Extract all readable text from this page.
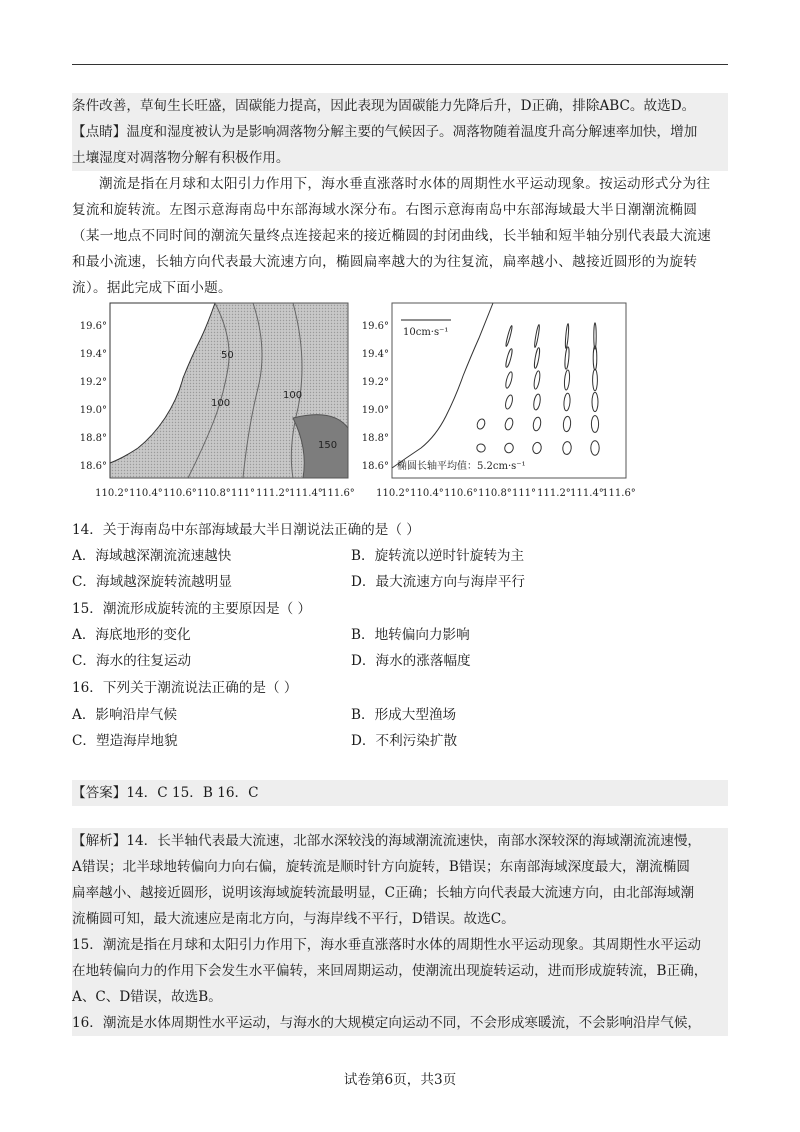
条件改善，草甸生长旺盛，固碳能力提高，因此表现为固碳能力先降后升，D正确，排除ABC。故选D。
【点睛】温度和湿度被认为是影响凋落物分解主要的气候因子。凋落物随着温度升高分解速率加快，增加
土壤湿度对凋落物分解有积极作用。
潮流是指在月球和太阳引力作用下，海水垂直涨落时水体的周期性水平运动现象。按运动形式分为往
复流和旋转流。左图示意海南岛中东部海域水深分布。右图示意海南岛中东部海域最大半日潮潮流椭圆
（某一地点不同时间的潮流矢量终点连接起来的接近椭圆的封闭曲线，长半轴和短半轴分别代表最大流速
和最小流速，长轴方向代表最大流速方向，椭圆扁率越大的为往复流，扁率越小、越接近圆形的为旋转
流）。据此完成下面小题。
50
100
100
150
19.6°
19.4°
19.2°
19.0°
18.8°
18.6°
110.2° 110.4° 110.6° 110.8° 111° 111.2° 111.4°
111.6°
10cm·s⁻¹
椭圆长轴平均值：5.2cm·s⁻¹
19.6°
19.4°
19.2°
19.0°
18.8°
18.6°
110.2° 110.4° 110.6° 110.8° 111° 111.2° 111.4°
111.6°
14．关于海南岛中东部海域最大半日潮说法正确的是（ ）
A．海域越深潮流流速越快	B．旋转流以逆时针旋转为主
C．海域越深旋转流越明显	D．最大流速方向与海岸平行
15．潮流形成旋转流的主要原因是（ ）
A．海底地形的变化	B．地转偏向力影响
C．海水的往复运动	D．海水的涨落幅度
16．下列关于潮流说法正确的是（ ）
A．影响沿岸气候	B．形成大型渔场
C．塑造海岸地貌	D．不利污染扩散
【答案】14．C 15．B 16．C
【解析】14．长半轴代表最大流速，北部水深较浅的海域潮流流速快，南部水深较深的海域潮流流速慢，
A错误；北半球地转偏向力向右偏，旋转流是顺时针方向旋转，B错误；东南部海域深度最大，潮流椭圆
扁率越小、越接近圆形，说明该海域旋转流最明显，C正确；长轴方向代表最大流速方向，由北部海域潮
流椭圆可知，最大流速应是南北方向，与海岸线不平行，D错误。故选C。
15．潮流是指在月球和太阳引力作用下，海水垂直涨落时水体的周期性水平运动现象。其周期性水平运动
在地转偏向力的作用下会发生水平偏转，来回周期运动，使潮流出现旋转运动，进而形成旋转流，B正确，
A、C、D错误，故选B。
16．潮流是水体周期性水平运动，与海水的大规模定向运动不同，不会形成寒暖流，不会影响沿岸气候，
试卷第6页，共3页
